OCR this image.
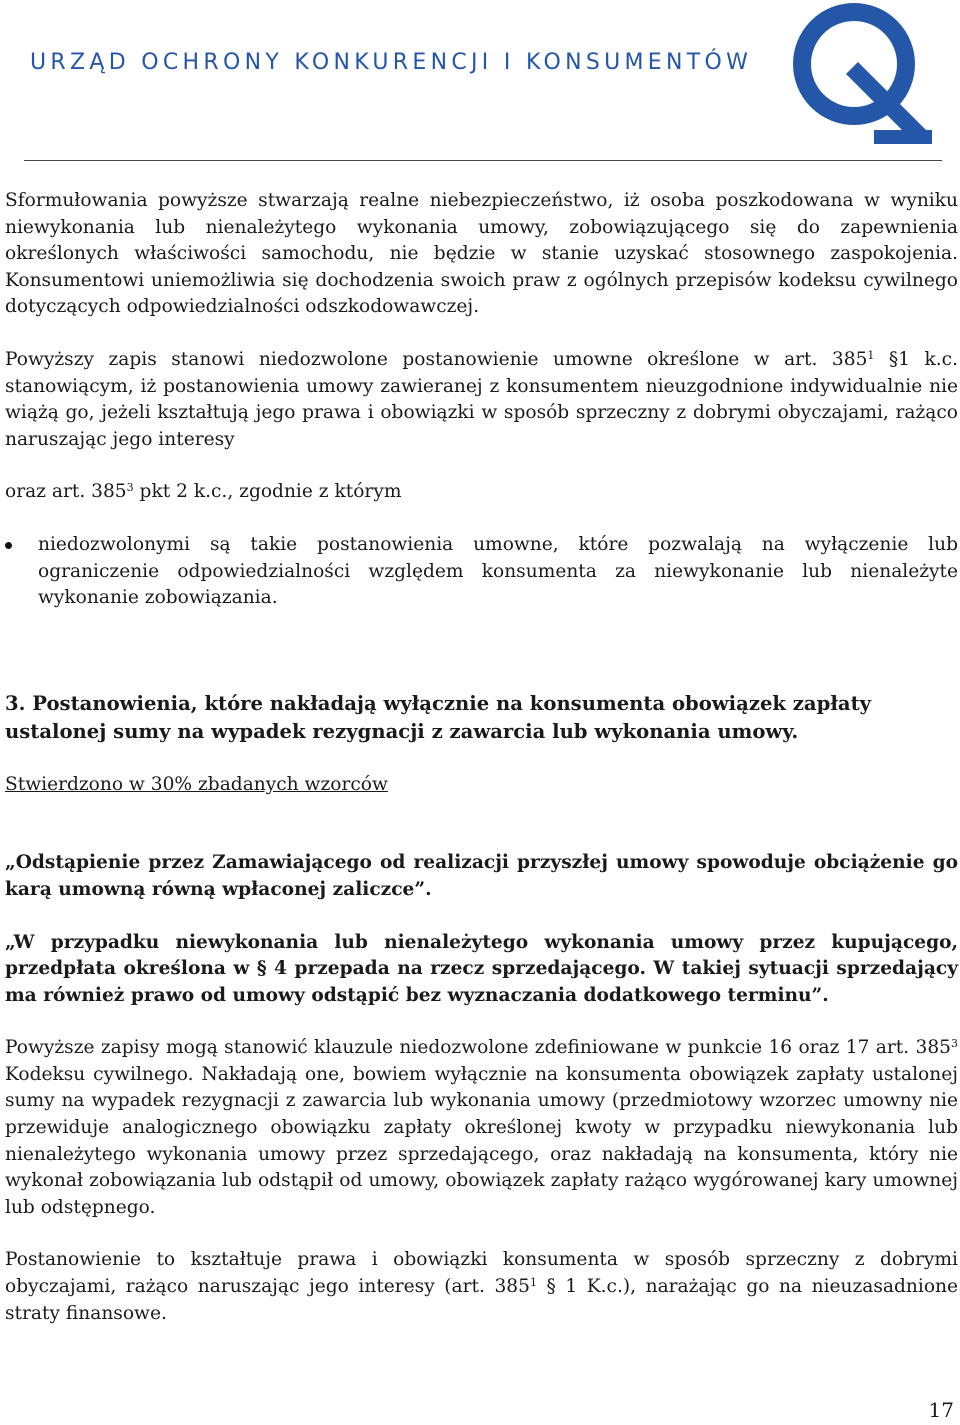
URZĄD OCHRONY KONKURENCJI I KONSUMENTÓW

Sformułowania powyższe stwarzają realne niebezpieczeństwo, iż osoba poszkodowana w wyniku niewykonania lub nienależytego wykonania umowy, zobowiązującego się do zapewnienia określonych właściwości samochodu, nie będzie w stanie uzyskać stosownego zaspokojenia. Konsumentowi uniemożliwia się dochodzenia swoich praw z ogólnych przepisów kodeksu cywilnego dotyczących odpowiedzialności odszkodowawczej.

Powyższy zapis stanowi niedozwolone postanowienie umowne określone w art. $385^1$ §1 k.c. stanowiącym, iż postanowienia umowy zawieranej z konsumentem nieuzgodnione indywidualnie nie wiążą go, jeżeli kształtują jego prawa i obowiązki w sposób sprzeczny z dobrymi obyczajami, rażąco naruszając jego interesy

oraz art. $385^3$ pkt 2 k.c., zgodnie z którym

niedozwolonymi są takie postanowienia umowne, które pozwalają na wyłączenie lub ograniczenie odpowiedzialności względem konsumenta za niewykonanie lub nienależyte wykonanie zobowiązania.

3. Postanowienia, które nakładają wyłącznie na konsumenta obowiązek zapłaty ustalonej sumy na wypadek rezygnacji z zawarcia lub wykonania umowy.

Stwierdzono w 30% zbadanych wzorców

„Odstąpienie przez Zamawiającego od realizacji przyszłej umowy spowoduje obciążenie go karą umowną równą wpłaconej zaliczce”.

„W przypadku niewykonania lub nienależytego wykonania umowy przez kupującego, przedpłata określona w § 4 przepada na rzecz sprzedającego. W takiej sytuacji sprzedający ma również prawo od umowy odstąpić bez wyznaczania dodatkowego terminu”.

Powyższe zapisy mogą stanowić klauzule niedozwolone zdefiniowane w punkcie 16 oraz 17 art. $385^3$ Kodeksu cywilnego. Nakładają one, bowiem wyłącznie na konsumenta obowiązek zapłaty ustalonej sumy na wypadek rezygnacji z zawarcia lub wykonania umowy (przedmiotowy wzorzec umowny nie przewiduje analogicznego obowiązku zapłaty określonej kwoty w przypadku niewykonania lub nienależytego wykonania umowy przez sprzedającego, oraz nakładają na konsumenta, który nie wykonał zobowiązania lub odstąpił od umowy, obowiązek zapłaty rażąco wygórowanej kary umownej lub odstępnego.

Postanowienie to kształtuje prawa i obowiązki konsumenta w sposób sprzeczny z dobrymi obyczajami, rażąco naruszając jego interesy (art. $385^1$ § 1 K.c.), narażając go na nieuzasadnione straty finansowe.

17
